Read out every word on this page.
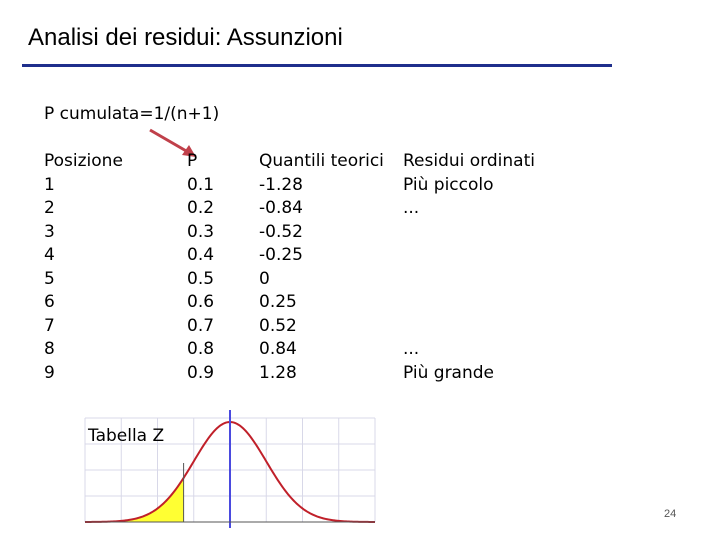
Analisi dei residui: Assunzioni
P cumulata=1/(n+1)
Posizione
1
2
3
4
5
6
7
8
9
P
0.1
0.2
0.3
0.4
0.5
0.6
0.7
0.8
0.9
Quantili teorici
-1.28
-0.84
-0.52
-0.25
0
0.25
0.52
0.84
1.28
Residui ordinati
Più piccolo
...
...
Più grande
Tabella Z
24
